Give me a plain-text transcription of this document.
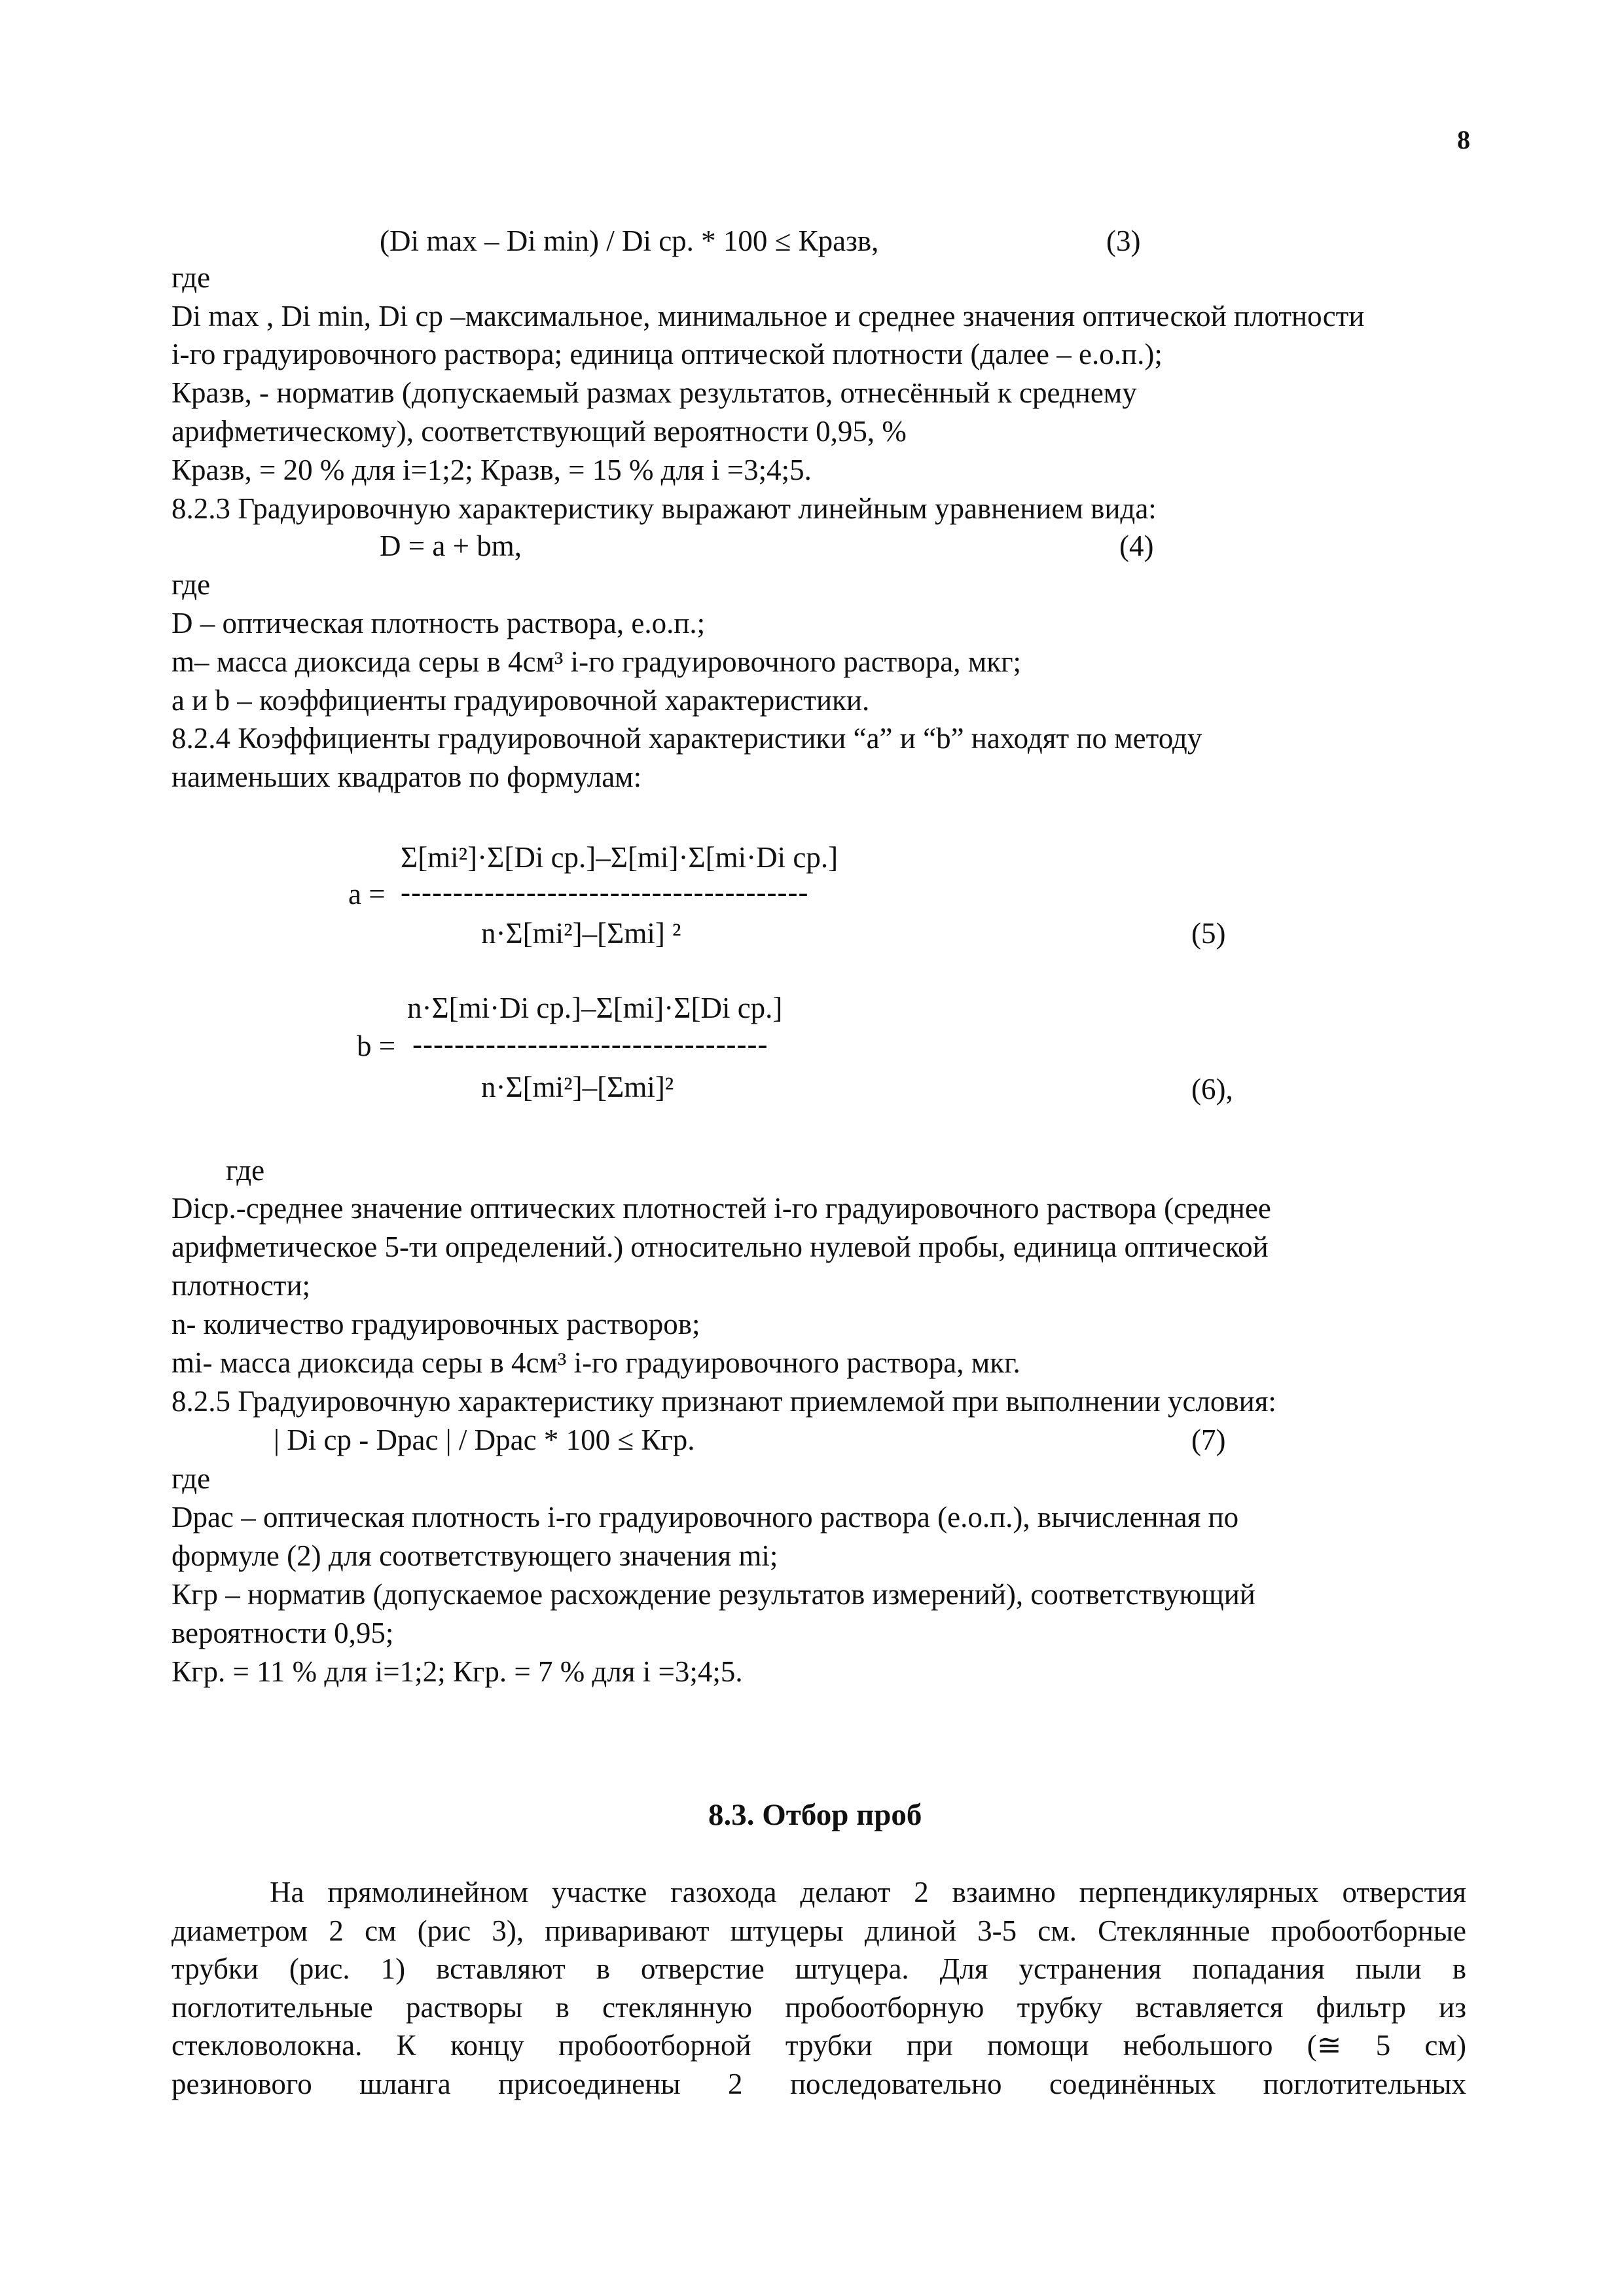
8
(Di max – Di min) / Di ср. * 100 ≤ Кразв,	(3)
где
Di max , Di min, Di ср –максимальное, минимальное и среднее значения оптической плотности
i-го градуировочного раствора; единица оптической плотности (далее – е.о.п.);
Кразв, - норматив (допускаемый размах результатов, отнесённый к среднему
арифметическому), соответствующий вероятности 0,95, %
Кразв, = 20 % для i=1;2; Кразв, = 15 % для i =3;4;5.
8.2.3 Градуировочную характеристику выражают линейным уравнением вида:
D = a + bm,	(4)
где
D – оптическая плотность раствора, е.о.п.;
m– масса диоксида серы в 4см³ i-го градуировочного раствора, мкг;
a и b – коэффициенты градуировочной характеристики.
8.2.4 Коэффициенты градуировочной характеристики “a” и “b” находят по методу
наименьших квадратов по формулам:
Σ[mi²]·Σ[Di ср.]–Σ[mi]·Σ[mi·Di ср.]
a = ---------------------------------------
n·Σ[mi²]–[Σmi] ²	(5)
n·Σ[mi·Di ср.]–Σ[mi]·Σ[Di ср.]
b = ----------------------------------
n·Σ[mi²]–[Σmi]²	(6),
где
Dicp.-среднее значение оптических плотностей i-го градуировочного раствора (среднее
арифметическое 5-ти определений.) относительно нулевой пробы, единица оптической
плотности;
n- количество градуировочных растворов;
mi- масса диоксида серы в 4см³ i-го градуировочного раствора, мкг.
8.2.5 Градуировочную характеристику признают приемлемой при выполнении условия:
| Di ср - Dрас | / Dрас * 100 ≤ Кгр.	(7)
где
Dрас – оптическая плотность i-го градуировочного раствора (е.о.п.), вычисленная по
формуле (2) для соответствующего значения mi;
Кгр – норматив (допускаемое расхождение результатов измерений), соответствующий
вероятности 0,95;
Кгр. = 11 % для i=1;2; Кгр. = 7 % для i =3;4;5.
8.3. Отбор проб
На прямолинейном участке газохода делают 2 взаимно перпендикулярных отверстия
диаметром 2 см (рис 3), приваривают штуцеры длиной 3-5 см. Стеклянные пробоотборные
трубки (рис. 1) вставляют в отверстие штуцера. Для устранения попадания пыли в
поглотительные растворы в стеклянную пробоотборную трубку вставляется фильтр из
стекловолокна. К концу пробоотборной трубки при помощи небольшого (≅ 5 см)
резинового шланга присоединены 2 последовательно соединённых поглотительных
